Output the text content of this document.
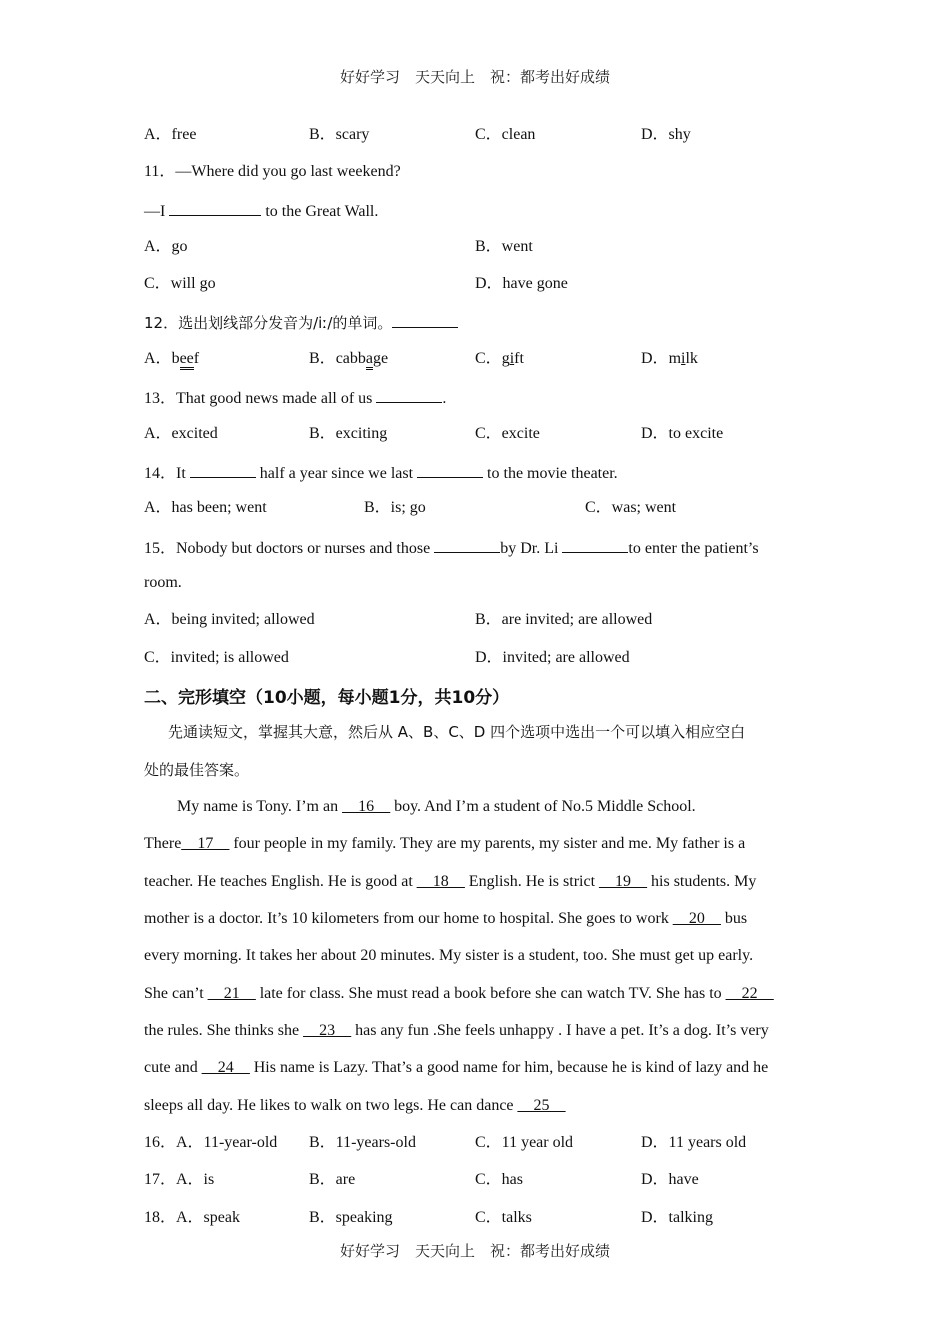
好好学习　天天向上　祝：都考出好成绩
A．free	B．scary	C．clean	D．shy
11．—Where did you go last weekend?
—I	to the Great Wall.
A．go	B．went
C．will go	D．have gone
12．选出划线部分发音为/iː/的单词。
A．beef	B．cabbage	C．gift	D．milk
13．That good news made all of us	.
A．excited	B．exciting	C．excite	D．to excite
14．It	half a year since we last	to the movie theater.
A．has been; went	B．is; go	C．was; went
15．Nobody but doctors or nurses and those	by Dr. Li	to enter the patient’s
room.
A．being invited; allowed	B．are invited; are allowed
C．invited; is allowed	D．invited; are allowed
二、完形填空（10小题，每小题1分，共10分）
先通读短文，掌握其大意，然后从 A、B、C、D 四个选项中选出一个可以填入相应空白
处的最佳答案。
My name is Tony. I’m an __16__ boy. And I’m a student of No.5 Middle School.
There__17__ four people in my family. They are my parents, my sister and me. My father is a
teacher. He teaches English. He is good at __18__ English. He is strict __19__ his students. My
mother is a doctor. It’s 10 kilometers from our home to hospital. She goes to work __20__ bus
every morning. It takes her about 20 minutes. My sister is a student, too. She must get up early.
She can’t __21__ late for class. She must read a book before she can watch TV. She has to __22__
the rules. She thinks she __23__ has any fun .She feels unhappy . I have a pet. It’s a dog. It’s very
cute and __24__ His name is Lazy. That’s a good name for him, because he is kind of lazy and he
sleeps all day. He likes to walk on two legs. He can dance __25__
16．A．11-year-old B．11-years-old	C．11 year old	D．11 years old
17．A．is	B．are	C．has	D．have
18．A．speak	B．speaking	C．talks	D．talking
好好学习　天天向上　祝：都考出好成绩
